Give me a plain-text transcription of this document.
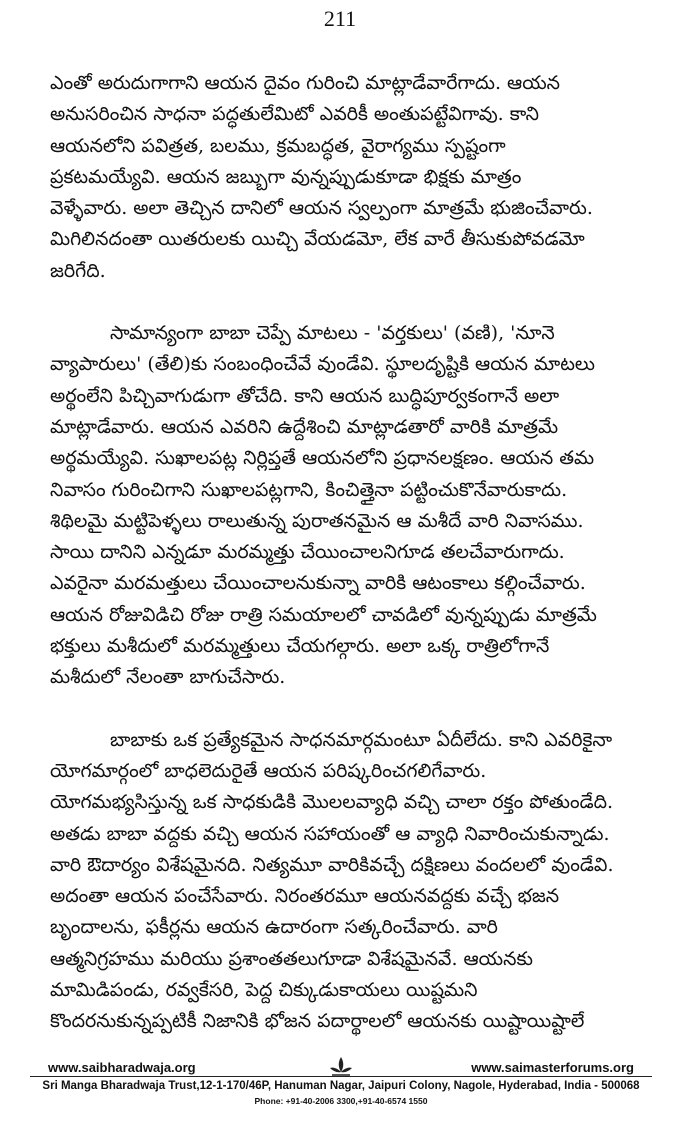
211
ఎంతో అరుదుగాగాని ఆయన దైవం గురించి మాట్లాడేవారేగాదు. ఆయన
అనుసరించిన సాధనా పద్ధతులేమిటో ఎవరికీ అంతుపట్టేవిగావు. కాని
ఆయనలోని పవిత్రత, బలము, క్రమబద్ధత, వైరాగ్యము స్పష్టంగా
ప్రకటమయ్యేవి. ఆయన జబ్బుగా వున్నప్పుడుకూడా భిక్షకు మాత్రం
వెళ్ళేవారు. అలా తెచ్చిన దానిలో ఆయన స్వల్పంగా మాత్రమే భుజించేవారు.
మిగిలినదంతా యితరులకు యిచ్చి వేయడమో, లేక వారే తీసుకుపోవడమో
జరిగేది.
సామాన్యంగా బాబా చెప్పే మాటలు - 'వర్తకులు' (వణి), 'నూనె
వ్యాపారులు' (తేలి)కు సంబంధించేవే వుండేవి. స్థూలదృష్టికి ఆయన మాటలు
అర్థంలేని పిచ్చివాగుడుగా తోచేది. కాని ఆయన బుద్ధిపూర్వకంగానే అలా
మాట్లాడేవారు. ఆయన ఎవరిని ఉద్దేశించి మాట్లాడతారో వారికి మాత్రమే
అర్థమయ్యేవి. సుఖాలపట్ల నిర్లిప్తతే ఆయనలోని ప్రధానలక్షణం. ఆయన తమ
నివాసం గురించిగాని సుఖాలపట్లగాని, కించిత్తైనా పట్టించుకొనేవారుకాదు.
శిథిలమై మట్టిపెళ్ళలు రాలుతున్న పురాతనమైన ఆ మశీదే వారి నివాసము.
సాయి దానిని ఎన్నడూ మరమ్మత్తు చేయించాలనిగూడ తలచేవారుగాదు.
ఎవరైనా మరమత్తులు చేయించాలనుకున్నా వారికి ఆటంకాలు కల్గించేవారు.
ఆయన రోజువిడిచి రోజు రాత్రి సమయాలలో చావడిలో వున్నప్పుడు మాత్రమే
భక్తులు మశీదులో మరమ్మత్తులు చేయగల్గారు. అలా ఒక్క రాత్రిలోగానే
మశీదులో నేలంతా బాగుచేసారు.
బాబాకు ఒక ప్రత్యేకమైన సాధనమార్గమంటూ ఏదీలేదు. కాని ఎవరికైనా
యోగమార్గంలో బాధలెదురైతే ఆయన పరిష్కరించగలిగేవారు.
యోగమభ్యసిస్తున్న ఒక సాధకుడికి మొలలవ్యాధి వచ్చి చాలా రక్తం పోతుండేది.
అతడు బాబా వద్దకు వచ్చి ఆయన సహాయంతో ఆ వ్యాధి నివారించుకున్నాడు.
వారి ఔదార్యం విశేషమైనది. నిత్యమూ వారికివచ్చే దక్షిణలు వందలలో వుండేవి.
అదంతా ఆయన పంచేసేవారు. నిరంతరమూ ఆయనవద్దకు వచ్చే భజన
బృందాలను, ఫకీర్లను ఆయన ఉదారంగా సత్కరించేవారు. వారి
ఆత్మనిగ్రహము మరియు ప్రశాంతతలుగూడా విశేషమైనవే. ఆయనకు
మామిడిపండు, రవ్వకేసరి, పెద్ద చిక్కుడుకాయలు యిష్టమని
కొందరనుకున్నప్పటికీ నిజానికి భోజన పదార్థాలలో ఆయనకు యిష్టాయిష్టాలే
www.saibharadwaja.org	www.saimasterforums.org
Sri Manga Bharadwaja Trust,12-1-170/46P, Hanuman Nagar, Jaipuri Colony, Nagole, Hyderabad, India - 500068
Phone: +91-40-2006 3300,+91-40-6574 1550
